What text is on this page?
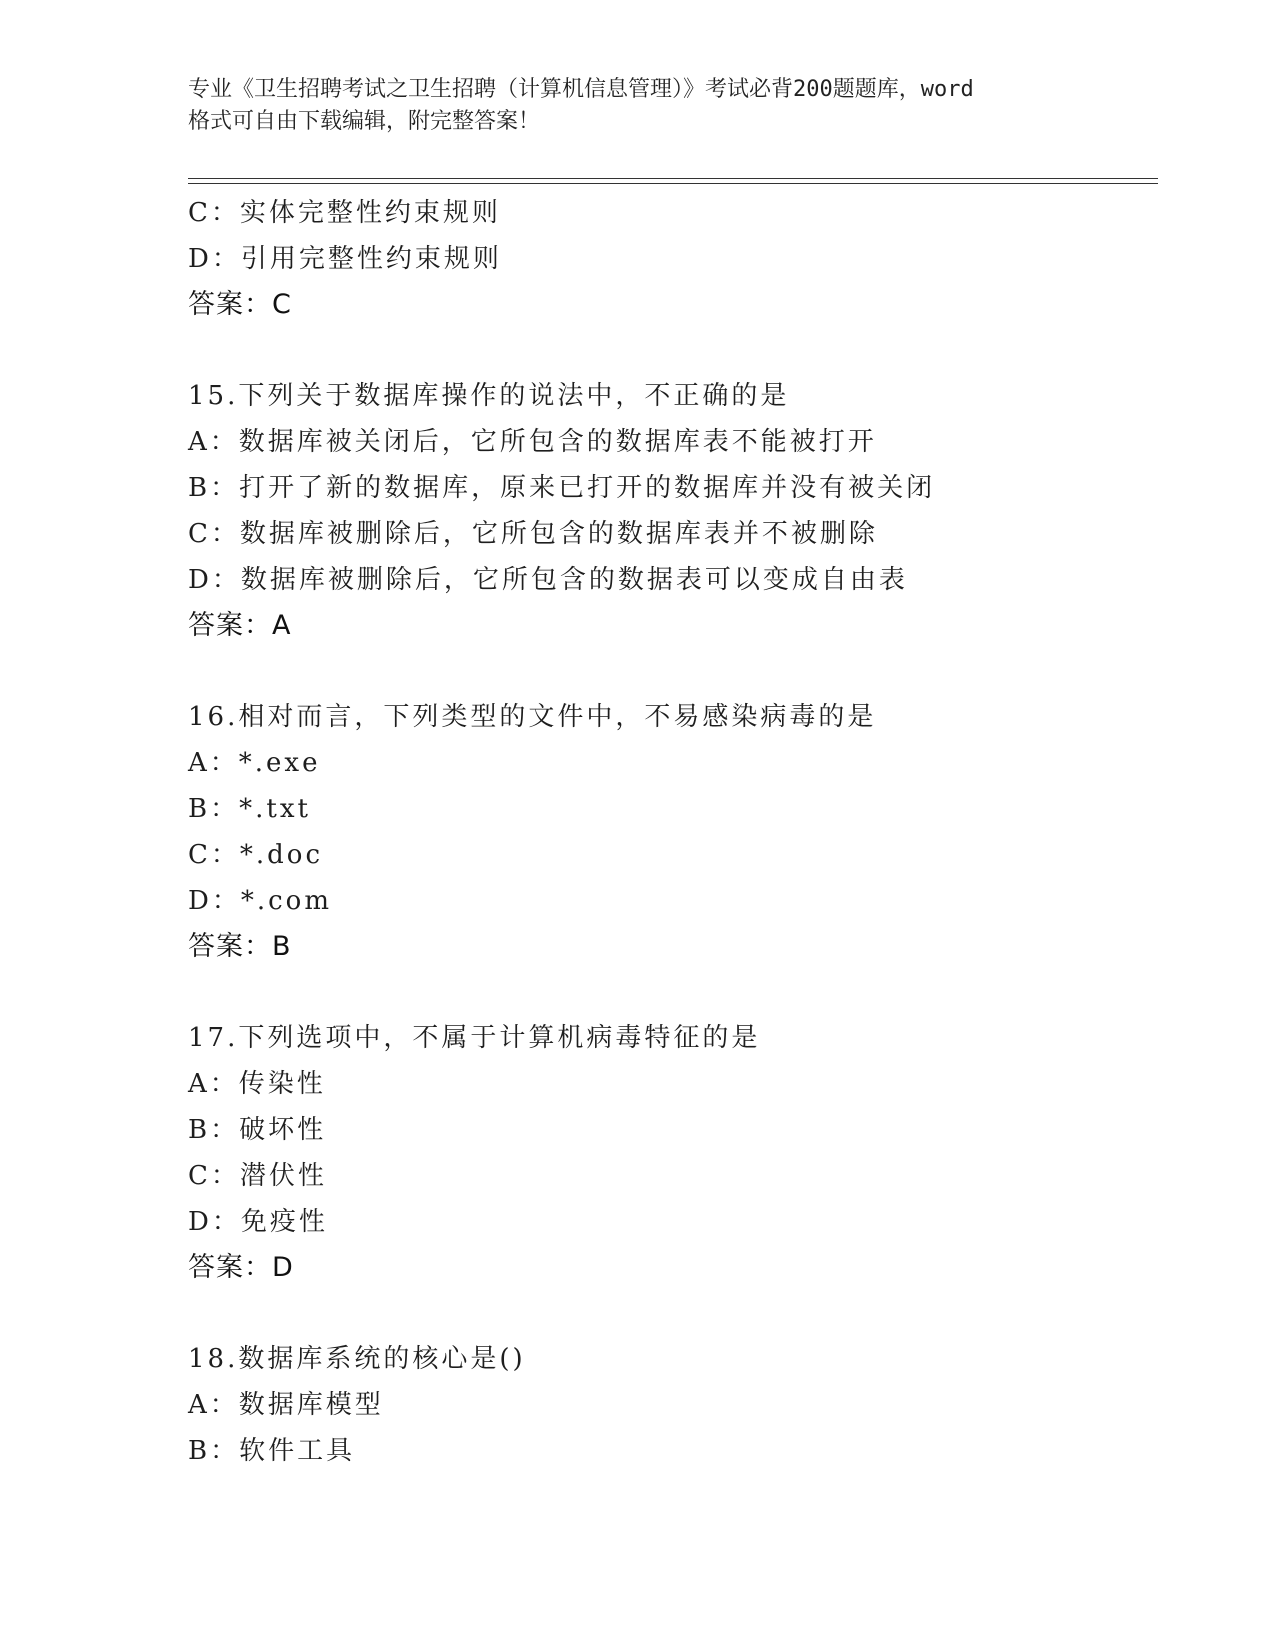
专业《卫生招聘考试之卫生招聘（计算机信息管理）》考试必背200题题库，word
格式可自由下载编辑，附完整答案！
C：实体完整性约束规则
D：引用完整性约束规则
答案：C
15.下列关于数据库操作的说法中，不正确的是
A：数据库被关闭后，它所包含的数据库表不能被打开
B：打开了新的数据库，原来已打开的数据库并没有被关闭
C：数据库被删除后，它所包含的数据库表并不被删除
D：数据库被删除后，它所包含的数据表可以变成自由表
答案：A
16.相对而言，下列类型的文件中，不易感染病毒的是
A：*.exe
B：*.txt
C：*.doc
D：*.com
答案：B
17.下列选项中，不属于计算机病毒特征的是
A：传染性
B：破坏性
C：潜伏性
D：免疫性
答案：D
18.数据库系统的核心是()
A：数据库模型
B：软件工具
